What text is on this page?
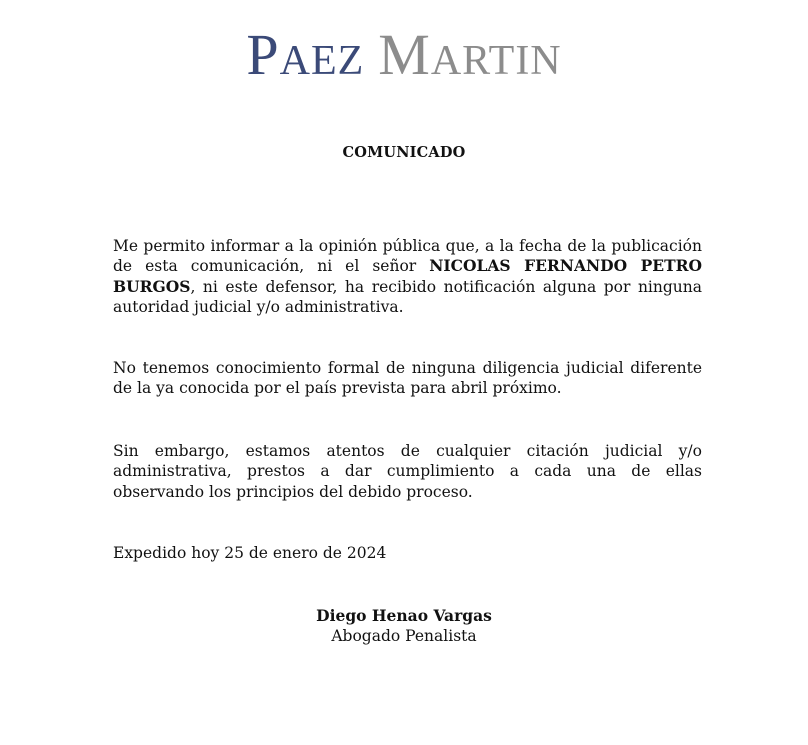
PAEZ MARTIN
COMUNICADO

Me permito informar a la opinión pública que, a la fecha de la publicación de esta comunicación, ni el señor NICOLAS FERNANDO PETRO BURGOS, ni este defensor, ha recibido notificación alguna por ninguna autoridad judicial y/o administrativa.

No tenemos conocimiento formal de ninguna diligencia judicial diferente de la ya conocida por el país prevista para abril próximo.

Sin embargo, estamos atentos de cualquier citación judicial y/o administrativa, prestos a dar cumplimiento a cada una de ellas observando los principios del debido proceso.

Expedido hoy 25 de enero de 2024

Diego Henao Vargas
Abogado Penalista
